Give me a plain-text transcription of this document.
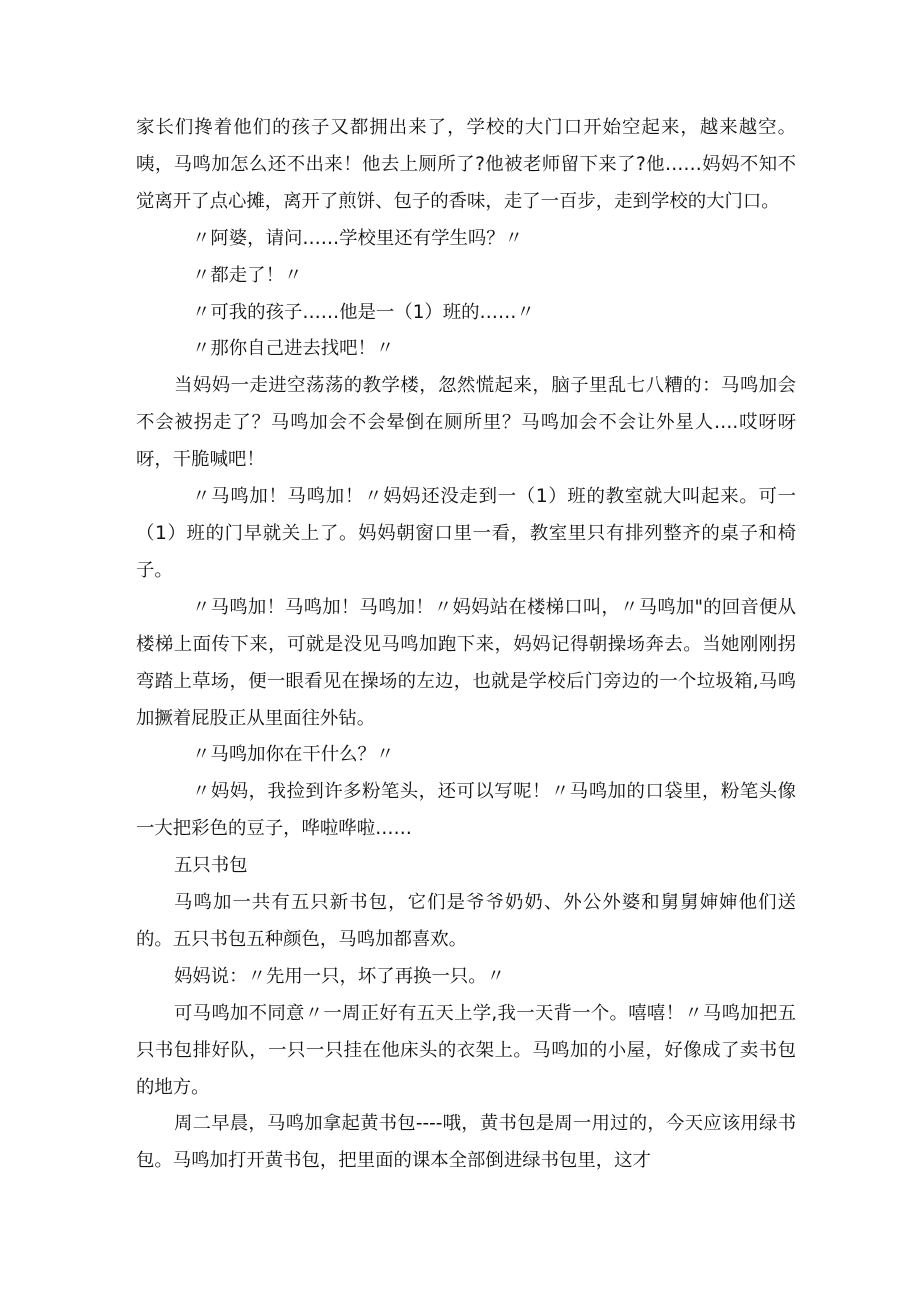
家长们搀着他们的孩子又都拥出来了，学校的大门口开始空起来，越来越空。咦，马鸣加怎么还不出来！他去上厕所了?他被老师留下来了?他……妈妈不知不觉离开了点心摊，离开了煎饼、包子的香味，走了一百步，走到学校的大门口。

〃阿婆，请问……学校里还有学生吗？〃

〃都走了！〃

〃可我的孩子……他是一（1）班的……〃

〃那你自己进去找吧！〃

当妈妈一走进空荡荡的教学楼，忽然慌起来，脑子里乱七八糟的：马鸣加会不会被拐走了？马鸣加会不会晕倒在厕所里？马鸣加会不会让外星人….哎呀呀呀，干脆喊吧！

〃马鸣加！马鸣加！〃妈妈还没走到一（1）班的教室就大叫起来。可一（1）班的门早就关上了。妈妈朝窗口里一看，教室里只有排列整齐的桌子和椅子。

〃马鸣加！马鸣加！马鸣加！〃妈妈站在楼梯口叫，〃马鸣加"的回音便从楼梯上面传下来，可就是没见马鸣加跑下来，妈妈记得朝操场奔去。当她刚刚拐弯踏上草场，便一眼看见在操场的左边，也就是学校后门旁边的一个垃圾箱,马鸣加撅着屁股正从里面往外钻。

〃马鸣加你在干什么？〃

〃妈妈，我捡到许多粉笔头，还可以写呢！〃马鸣加的口袋里，粉笔头像一大把彩色的豆子，哗啦哗啦……

五只书包

马鸣加一共有五只新书包，它们是爷爷奶奶、外公外婆和舅舅婶婶他们送的。五只书包五种颜色，马鸣加都喜欢。

妈妈说：〃先用一只，坏了再换一只。〃

可马鸣加不同意〃一周正好有五天上学,我一天背一个。嘻嘻！〃马鸣加把五只书包排好队，一只一只挂在他床头的衣架上。马鸣加的小屋，好像成了卖书包的地方。

周二早晨，马鸣加拿起黄书包----哦，黄书包是周一用过的，今天应该用绿书包。马鸣加打开黄书包，把里面的课本全部倒进绿书包里，这才
